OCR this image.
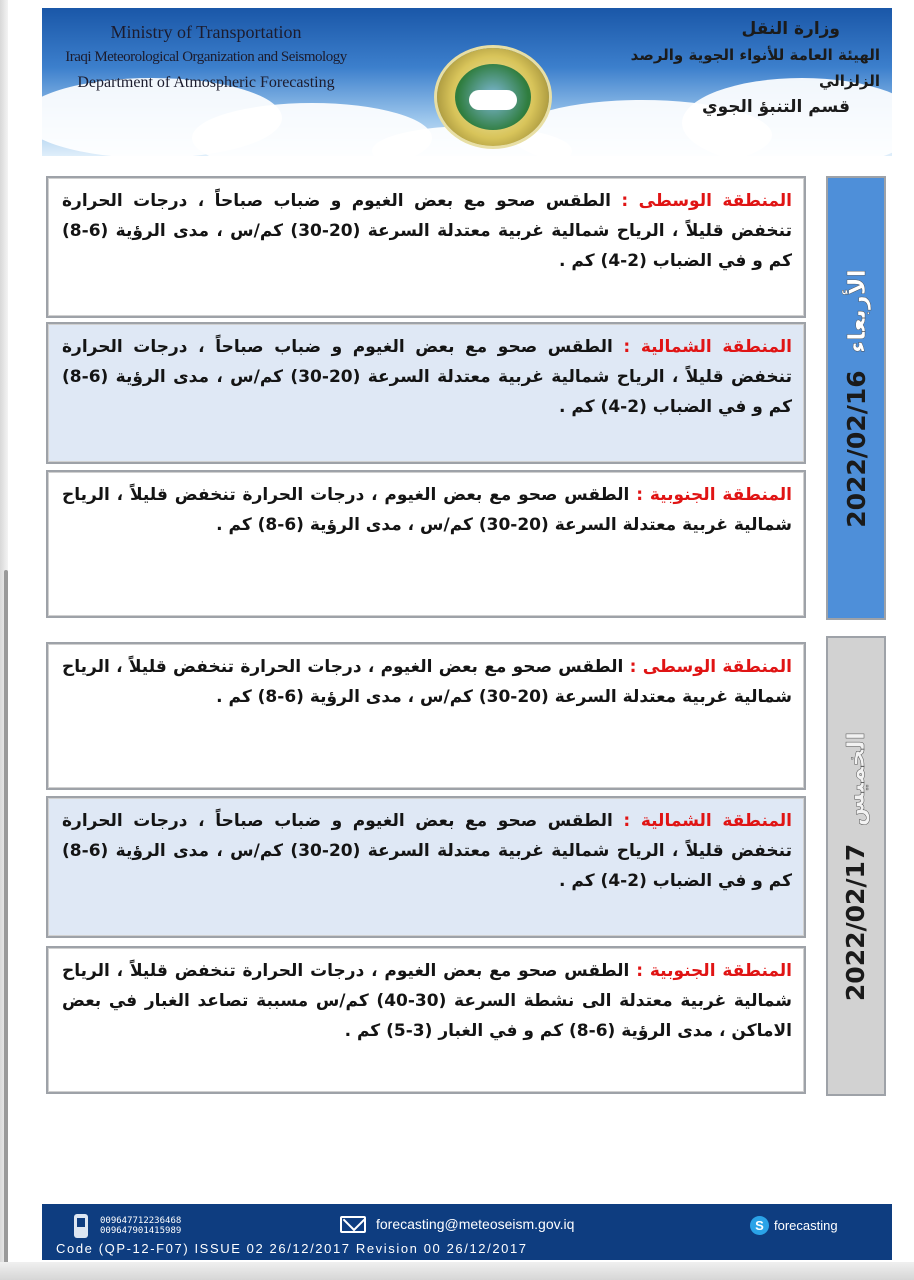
Ministry of Transportation
Iraqi Meteorological Organization and Seismology
Department of Atmospheric Forecasting
وزارة النقل
الهيئة العامة للأنواء الجوية والرصد الزلزالي
قسم التنبؤ الجوي
المنطقة الوسطى : الطقس صحو مع بعض الغيوم و ضباب صباحاً ، درجات الحرارة تنخفض قليلاً ، الرياح شمالية غربية معتدلة السرعة (20-30) كم/س ، مدى الرؤية (6-8) كم و في الضباب (2-4) كم .
المنطقة الشمالية : الطقس صحو مع بعض الغيوم و ضباب صباحاً ، درجات الحرارة تنخفض قليلاً ، الرياح شمالية غربية معتدلة السرعة (20-30) كم/س ، مدى الرؤية (6-8) كم و في الضباب (2-4) كم .
المنطقة الجنوبية : الطقس صحو مع بعض الغيوم ، درجات الحرارة تنخفض قليلاً ، الرياح شمالية غربية معتدلة السرعة (20-30) كم/س ، مدى الرؤية (6-8) كم .
الأربعاء  2022/02/16
المنطقة الوسطى : الطقس صحو مع بعض الغيوم ، درجات الحرارة تنخفض قليلاً ، الرياح شمالية غربية معتدلة السرعة (20-30) كم/س ، مدى الرؤية (6-8) كم .
المنطقة الشمالية : الطقس صحو مع بعض الغيوم و ضباب صباحاً ، درجات الحرارة تنخفض قليلاً ، الرياح شمالية غربية معتدلة السرعة (20-30) كم/س ، مدى الرؤية (6-8) كم و في الضباب (2-4) كم .
المنطقة الجنوبية : الطقس صحو مع بعض الغيوم ، درجات الحرارة تنخفض قليلاً ، الرياح شمالية غربية معتدلة الى نشطة السرعة (30-40) كم/س مسببة تصاعد الغبار في بعض الاماكن ، مدى الرؤية (6-8) كم و في الغبار (3-5) كم .
الخميس  2022/02/17
009647712236468
009647901415989	forecasting@meteoseism.gov.iq	S forecasting
Code (QP-12-F07) ISSUE 02 26/12/2017 Revision 00 26/12/2017
